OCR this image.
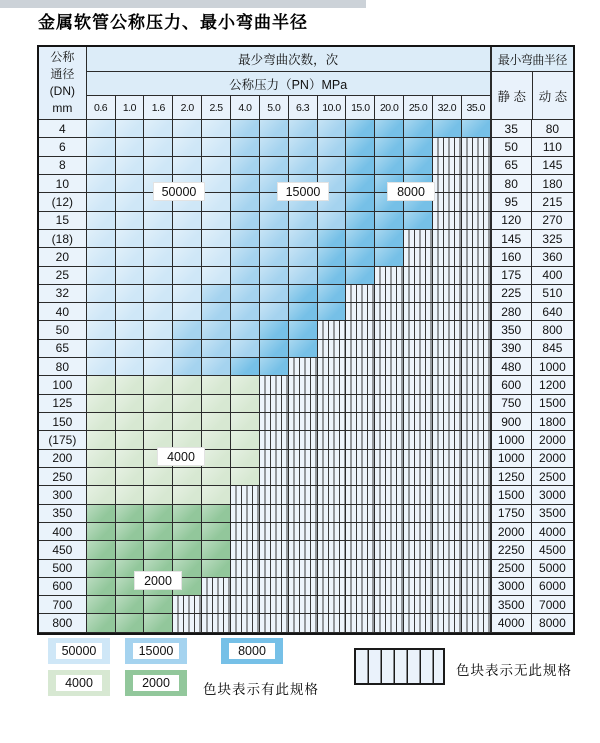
金属软管公称压力、最小弯曲半径
公称
通径
(DN)
mm
最少弯曲次数，次
公称压力（PN）MPa
0.6	1.0	1.6	2.0	2.5	4.0	5.0	6.3	10.0 15.0 20.0 25.0 32.0 35.0
最小弯曲半径
静 态	动 态
4	35	80
6	50	110
8	65	145
10	80	180
(12)	95	215
15	120	270
(18)	145	325
20	160	360
25	175	400
32	225	510
40	280	640
50	350	800
65	390	845
80	480	1000
100	600	1200
125	750	1500
150	900	1800
(175)	1000	2000
200	1000	2000
250	1250	2500
300	1500	3000
350	1750	3500
400	2000	4000
450	2250	4500
500	2500	5000
600	3000	6000
700	3500	7000
800	4000	8000
50000	15000	8000
4000
2000
50000	15000	8000
4000	2000	色块表示有此规格
色块表示无此规格
